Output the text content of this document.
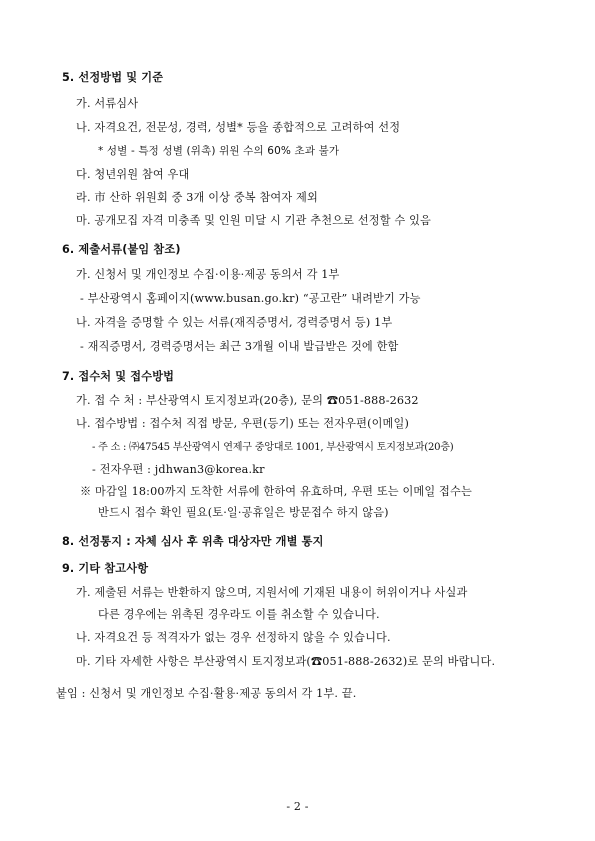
5. 선정방법 및 기준
가. 서류심사
나. 자격요건, 전문성, 경력, 성별* 등을 종합적으로 고려하여 선정
* 성별 - 특정 성별 (위촉) 위원 수의 60% 초과 불가
다. 청년위원 참여 우대
라. 市 산하 위원회 중 3개 이상 중복 참여자 제외
마. 공개모집 자격 미충족 및 인원 미달 시 기관 추천으로 선정할 수 있음
6. 제출서류(붙임 참조)
가. 신청서 및 개인정보 수집·이용·제공 동의서 각 1부
- 부산광역시 홈페이지(www.busan.go.kr) “공고란” 내려받기 가능
나. 자격을 증명할 수 있는 서류(재직증명서, 경력증명서 등) 1부
- 재직증명서, 경력증명서는 최근 3개월 이내 발급받은 것에 한함
7. 접수처 및 접수방법
가. 접 수 처 : 부산광역시 토지정보과(20층), 문의 ☎051-888-2632
나. 접수방법 : 접수처 직접 방문, 우편(등기) 또는 전자우편(이메일)
- 주 소 : ㈜47545 부산광역시 연제구 중앙대로 1001, 부산광역시 토지정보과(20층)
- 전자우편 : jdhwan3@korea.kr
※ 마감일 18:00까지 도착한 서류에 한하여 유효하며, 우편 또는 이메일 접수는
반드시 접수 확인 필요(토·일·공휴일은 방문접수 하지 않음)
8. 선정통지 : 자체 심사 후 위촉 대상자만 개별 통지
9. 기타 참고사항
가. 제출된 서류는 반환하지 않으며, 지원서에 기재된 내용이 허위이거나 사실과
다른 경우에는 위촉된 경우라도 이를 취소할 수 있습니다.
나. 자격요건 등 적격자가 없는 경우 선정하지 않을 수 있습니다.
마. 기타 자세한 사항은 부산광역시 토지정보과(☎051-888-2632)로 문의 바랍니다.
붙임 : 신청서 및 개인정보 수집·활용·제공 동의서 각 1부. 끝.
- 2 -
